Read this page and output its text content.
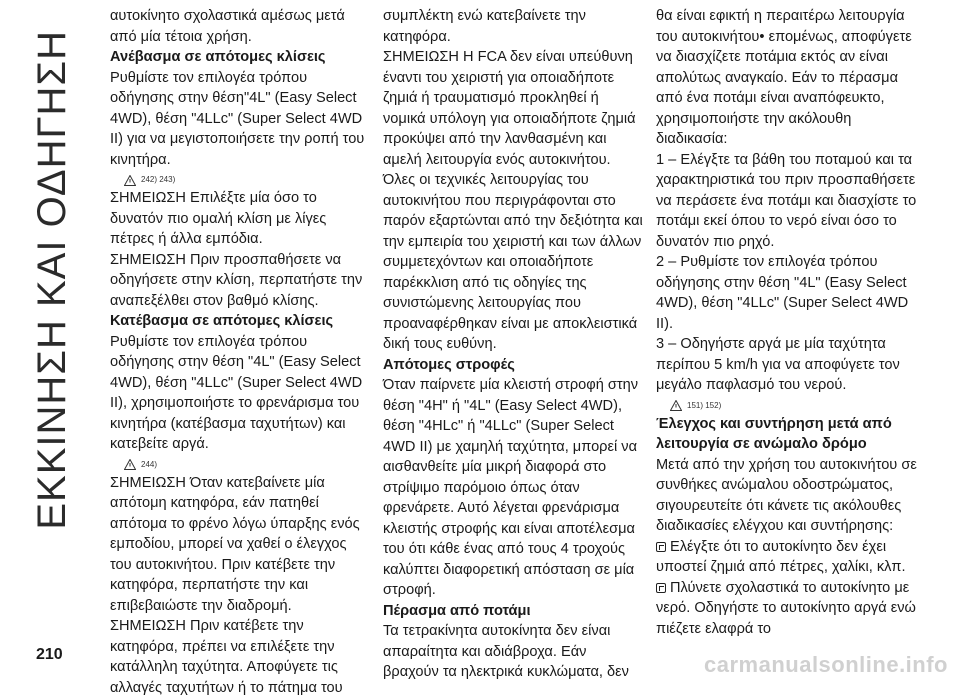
ΕΚΚΙΝΗΣΗ ΚΑΙ ΟΔΗΓΗΣΗ

αυτοκίνητο σχολαστικά αμέσως μετά από μία τέτοια χρήση.

Ανέβασμα σε απότομες κλίσεις

Ρυθμίστε τον επιλογέα τρόπου οδήγησης στην θέση"4L" (Easy Select 4WD), θέση "4LLc" (Super Select 4WD II) για να μεγιστοποιήσετε την ροπή του κινητήρα.

242) 243)

ΣΗΜΕΙΩΣΗ Επιλέξτε μία όσο το δυνατόν πιο ομαλή κλίση με λίγες πέτρες ή άλλα εμπόδια.

ΣΗΜΕΙΩΣΗ Πριν προσπαθήσετε να οδηγήσετε στην κλίση, περπατήστε την αναπεξέλθει στον βαθμό κλίσης.

Κατέβασμα σε απότομες κλίσεις

Ρυθμίστε τον επιλογέα τρόπου οδήγησης στην θέση "4L" (Easy Select 4WD), θέση "4LLc" (Super Select 4WD II), χρησιμοποιήστε το φρενάρισμα του κινητήρα (κατέβασμα ταχυτήτων) και κατεβείτε αργά.

244)

ΣΗΜΕΙΩΣΗ Όταν κατεβαίνετε μία απότομη κατηφόρα, εάν πατηθεί απότομα το φρένο λόγω ύπαρξης ενός εμποδίου, μπορεί να χαθεί ο έλεγχος του αυτοκινήτου. Πριν κατέβετε την κατηφόρα, περπατήστε την και επιβεβαιώστε την διαδρομή.

ΣΗΜΕΙΩΣΗ Πριν κατέβετε την κατηφόρα, πρέπει να επιλέξετε την κατάλληλη ταχύτητα. Αποφύγετε τις αλλαγές ταχυτήτων ή το πάτημα του

συμπλέκτη ενώ κατεβαίνετε την κατηφόρα.

ΣΗΜΕΙΩΣΗ Η FCA δεν είναι υπεύθυνη έναντι του χειριστή για οποιαδήποτε ζημιά ή τραυματισμό προκληθεί ή νομικά υπόλογη για οποιαδήποτε ζημιά προκύψει από την λανθασμένη και αμελή λειτουργία ενός αυτοκινήτου. Όλες οι τεχνικές λειτουργίας του αυτοκινήτου που περιγράφονται στο παρόν εξαρτώνται από την δεξιότητα και την εμπειρία του χειριστή και των άλλων συμμετεχόντων και οποιαδήποτε παρέκκλιση από τις οδηγίες της συνιστώμενης λειτουργίας που προαναφέρθηκαν είναι με αποκλειστικά δική τους ευθύνη.

Απότομες στροφές

Όταν παίρνετε μία κλειστή στροφή στην θέση "4H" ή "4L" (Easy Select 4WD), θέση "4HLc" ή "4LLc" (Super Select 4WD II) με χαμηλή ταχύτητα, μπορεί να αισθανθείτε μία μικρή διαφορά στο στρίψιμο παρόμοιο όπως όταν φρενάρετε. Αυτό λέγεται φρενάρισμα κλειστής στροφής και είναι αποτέλεσμα του ότι κάθε ένας από τους 4 τροχούς καλύπτει διαφορετική απόσταση σε μία στροφή.

Πέρασμα από ποτάμι

Τα τετρακίνητα αυτοκίνητα δεν είναι απαραίτητα και αδιάβροχα. Εάν βραχούν τα ηλεκτρικά κυκλώματα, δεν

θα είναι εφικτή η περαιτέρω λειτουργία του αυτοκινήτου• επομένως, αποφύγετε να διασχίζετε ποτάμια εκτός αν είναι απολύτως αναγκαίο. Εάν το πέρασμα από ένα ποτάμι είναι αναπόφευκτο, χρησιμοποιήστε την ακόλουθη διαδικασία:

1 – Ελέγξτε τα βάθη του ποταμού και τα χαρακτηριστικά του πριν προσπαθήσετε να περάσετε ένα ποτάμι και διασχίστε το ποτάμι εκεί όπου το νερό είναι όσο το δυνατόν πιο ρηχό.

2 – Ρυθμίστε τον επιλογέα τρόπου οδήγησης στην θέση "4L" (Easy Select 4WD), θέση "4LLc" (Super Select 4WD II).

3 – Οδηγήστε αργά με μία ταχύτητα περίπου 5 km/h για να αποφύγετε τον μεγάλο παφλασμό του νερού.

151) 152)

Έλεγχος και συντήρηση μετά από λειτουργία σε ανώμαλο δρόμο

Μετά από την χρήση του αυτοκινήτου σε συνθήκες ανώμαλου οδοστρώματος, σιγουρευτείτε ότι κάνετε τις ακόλουθες διαδικασίες ελέγχου και συντήρησης:

Ελέγξτε ότι το αυτοκίνητο δεν έχει υποστεί ζημιά από πέτρες, χαλίκι, κλπ.

Πλύνετε σχολαστικά το αυτοκίνητο με νερό. Οδηγήστε το αυτοκίνητο αργά ενώ πιέζετε ελαφρά το

210	carmanualsonline.info
